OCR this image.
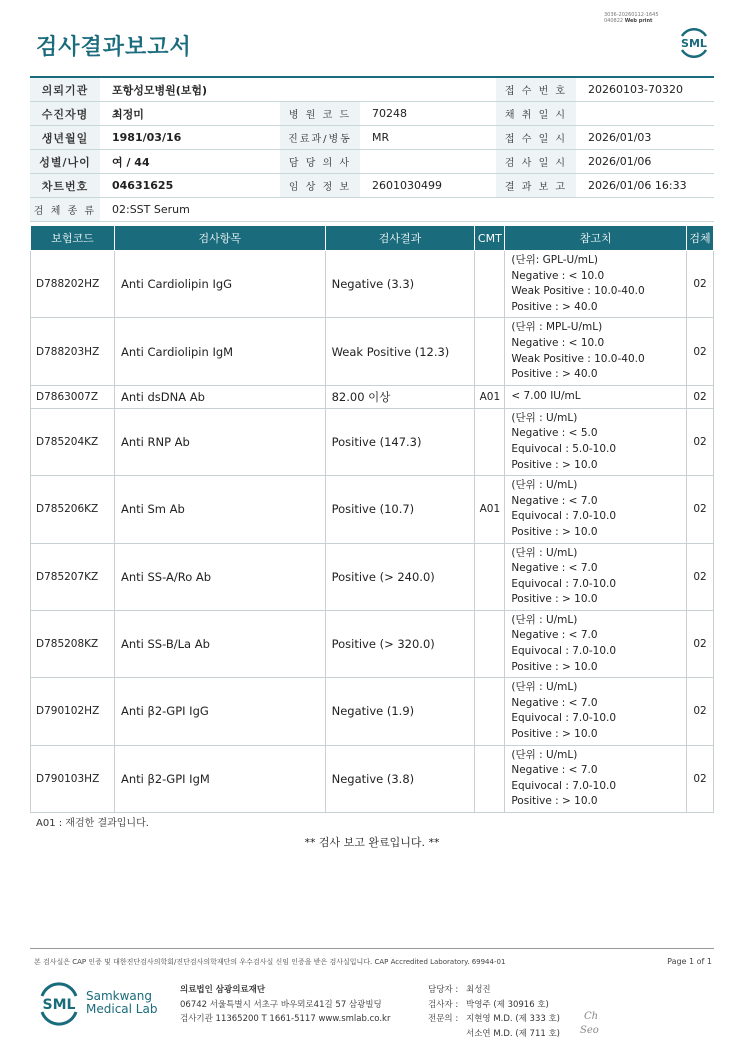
검사결과보고서
3036-20260112-1645
040822 Web print
SML
의뢰기관	포항성모병원(보험)			접 수 번 호	20260103-70320
수진자명	최정미	병 원 코 드	70248	채 취 일 시	
생년월일	1981/03/16	진료과/병동	MR	접 수 일 시	2026/01/03
성별/나이	여 / 44	담 당 의 사		검 사 일 시	2026/01/06
차트번호	04631625	임 상 정 보	2601030499	결 과 보 고	2026/01/06 16:33
검 체 종 류	02:SST Serum				
보험코드	검사항목	검사결과	CMT	참고치	검체
D788202HZ	Anti Cardiolipin IgG	Negative (3.3)		(단위: GPL-U/mL)
Negative : < 10.0
Weak Positive : 10.0-40.0
Positive : > 40.0	02
D788203HZ	Anti Cardiolipin IgM	Weak Positive (12.3)		(단위 : MPL-U/mL)
Negative : < 10.0
Weak Positive : 10.0-40.0
Positive : > 40.0	02
D7863007Z	Anti dsDNA Ab	82.00 이상	A01	< 7.00 IU/mL	02
D785204KZ	Anti RNP Ab	Positive (147.3)		(단위 : U/mL)
Negative : < 5.0
Equivocal : 5.0-10.0
Positive : > 10.0	02
D785206KZ	Anti Sm Ab	Positive (10.7)	A01	(단위 : U/mL)
Negative : < 7.0
Equivocal : 7.0-10.0
Positive : > 10.0	02
D785207KZ	Anti SS-A/Ro Ab	Positive (> 240.0)		(단위 : U/mL)
Negative : < 7.0
Equivocal : 7.0-10.0
Positive : > 10.0	02
D785208KZ	Anti SS-B/La Ab	Positive (> 320.0)		(단위 : U/mL)
Negative : < 7.0
Equivocal : 7.0-10.0
Positive : > 10.0	02
D790102HZ	Anti β2-GPI IgG	Negative (1.9)		(단위 : U/mL)
Negative : < 7.0
Equivocal : 7.0-10.0
Positive : > 10.0	02
D790103HZ	Anti β2-GPI IgM	Negative (3.8)		(단위 : U/mL)
Negative : < 7.0
Equivocal : 7.0-10.0
Positive : > 10.0	02
A01 : 재검한 결과입니다.
** 검사 보고 완료입니다. **
본 검사실은 CAP 인증 및 대한진단검사의학회/진단검사의학재단의 우수검사실 신임 인증을 받은 검사실입니다. CAP Accredited Laboratory. 69944-01	Page 1 of 1
SML
Samkwang
Medical Lab
의료법인 삼광의료재단
06742 서울특별시 서초구 바우뫼로41길 57 삼광빌딩
검사기관 11365200 T 1661-5117 www.smlab.co.kr
담당자 : 최성진
검사자 : 박영주 (제 30916 호)
전문의 : 지현영 M.D. (제 333 호)
서소연 M.D. (제 711 호)
Ch
Seo
